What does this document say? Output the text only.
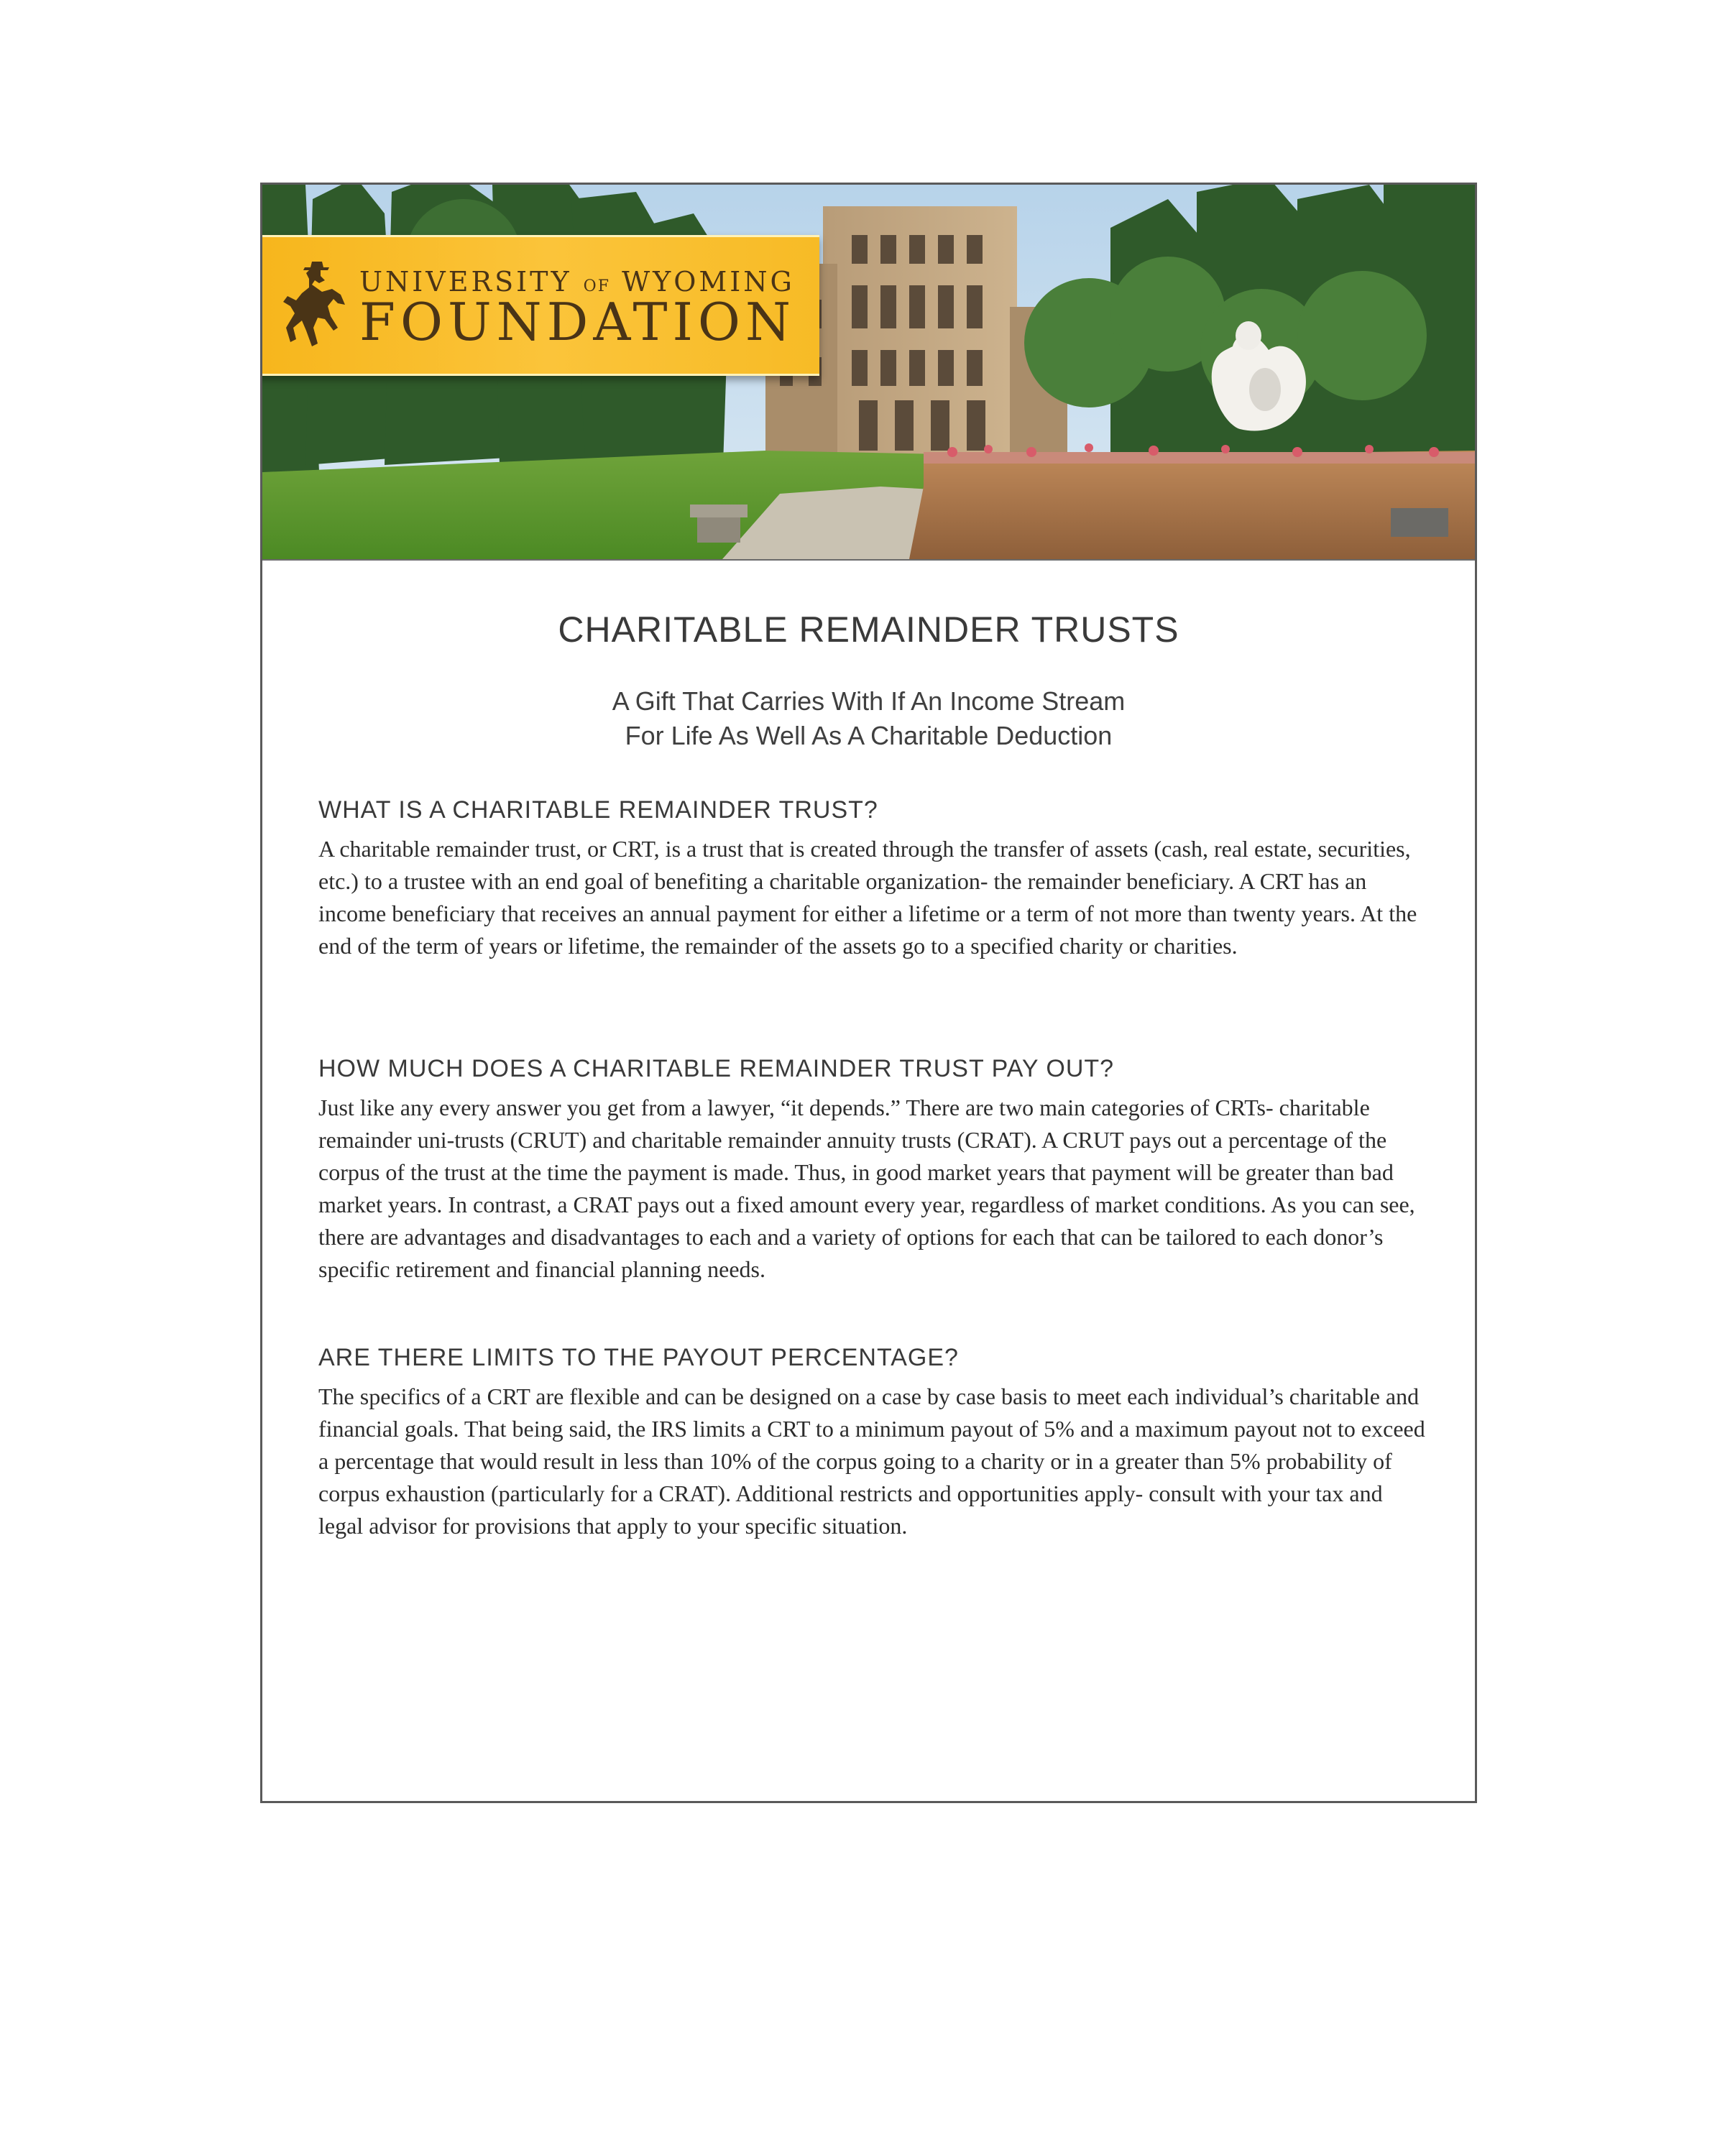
UNIVERSITY OF WYOMING
FOUNDATION
CHARITABLE REMAINDER TRUSTS
A Gift That Carries With If An Income Stream
For Life As Well As A Charitable Deduction
WHAT IS A CHARITABLE REMAINDER TRUST?

A charitable remainder trust, or CRT, is a trust that is created through the transfer of assets (cash, real estate, securities, etc.) to a trustee with an end goal of benefiting a charitable organization- the remainder beneficiary. A CRT has an income beneficiary that receives an annual payment for either a lifetime or a term of not more than twenty years. At the end of the term of years or lifetime, the remainder of the assets go to a specified charity or charities.

HOW MUCH DOES A CHARITABLE REMAINDER TRUST PAY OUT?

Just like any every answer you get from a lawyer, “it depends.” There are two main categories of CRTs- charitable remainder uni-trusts (CRUT) and charitable remainder annuity trusts (CRAT). A CRUT pays out a percentage of the corpus of the trust at the time the payment is made. Thus, in good market years that payment will be greater than bad market years. In contrast, a CRAT pays out a fixed amount every year, regardless of market conditions. As you can see, there are advantages and disadvantages to each and a variety of options for each that can be tailored to each donor’s specific retirement and financial planning needs.

ARE THERE LIMITS TO THE PAYOUT PERCENTAGE?

The specifics of a CRT are flexible and can be designed on a case by case basis to meet each individual’s charitable and financial goals. That being said, the IRS limits a CRT to a minimum payout of 5% and a maximum payout not to exceed a percentage that would result in less than 10% of the corpus going to a charity or in a greater than 5% probability of corpus exhaustion (particularly for a CRAT). Additional restricts and opportunities apply- consult with your tax and legal advisor for provisions that apply to your specific situation.
